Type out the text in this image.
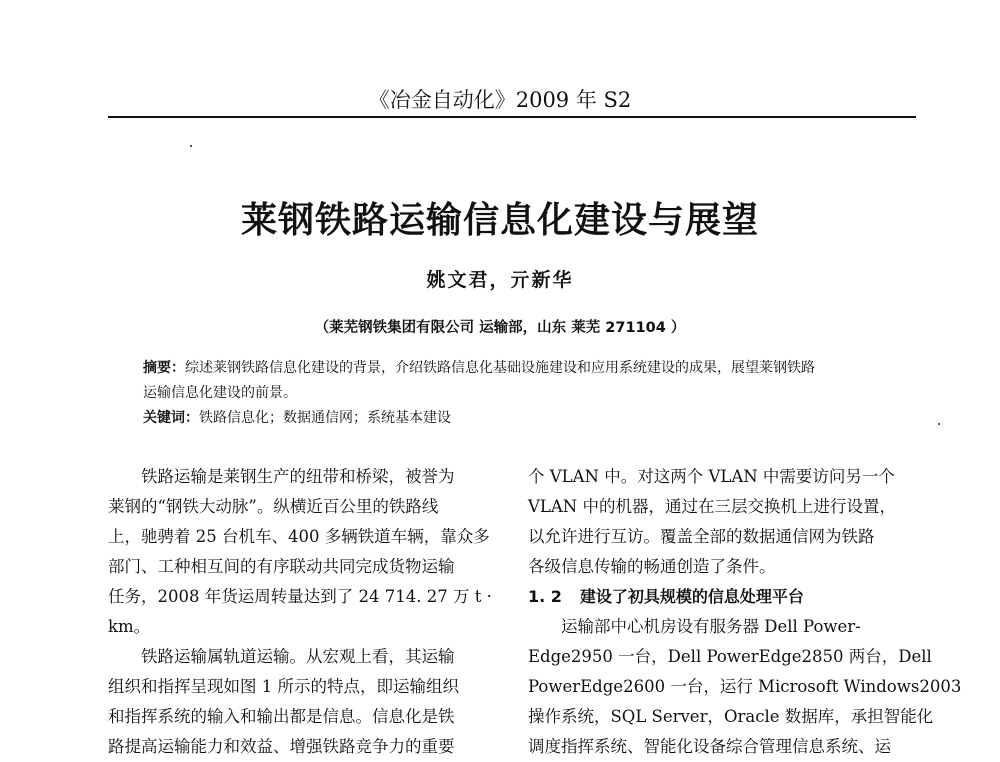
《冶金自动化》2009 年 S2
莱钢铁路运输信息化建设与展望
姚文君，亓新华
（莱芜钢铁集团有限公司 运输部，山东 莱芜 271104 ）
摘要：综述莱钢铁路信息化建设的背景，介绍铁路信息化基础设施建设和应用系统建设的成果，展望莱钢铁路
运输信息化建设的前景。
关键词：铁路信息化；数据通信网；系统基本建设
铁路运输是莱钢生产的纽带和桥梁，被誉为
莱钢的“钢铁大动脉”。纵横近百公里的铁路线
上，驰骋着 25 台机车、400 多辆铁道车辆，靠众多
部门、工种相互间的有序联动共同完成货物运输
任务，2008 年货运周转量达到了 24 714. 27 万 t ·
km。
铁路运输属轨道运输。从宏观上看，其运输
组织和指挥呈现如图 1 所示的特点，即运输组织
和指挥系统的输入和输出都是信息。信息化是铁
路提高运输能力和效益、增强铁路竞争力的重要
个 VLAN 中。对这两个 VLAN 中需要访问另一个
VLAN 中的机器，通过在三层交换机上进行设置，
以允许进行互访。覆盖全部的数据通信网为铁路
各级信息传输的畅通创造了条件。
1. 2 建设了初具规模的信息处理平台
运输部中心机房设有服务器 Dell Power-
Edge2950 一台，Dell PowerEdge2850 两台，Dell
PowerEdge2600 一台，运行 Microsoft Windows2003
操作系统，SQL Server，Oracle 数据库，承担智能化
调度指挥系统、智能化设备综合管理信息系统、运
